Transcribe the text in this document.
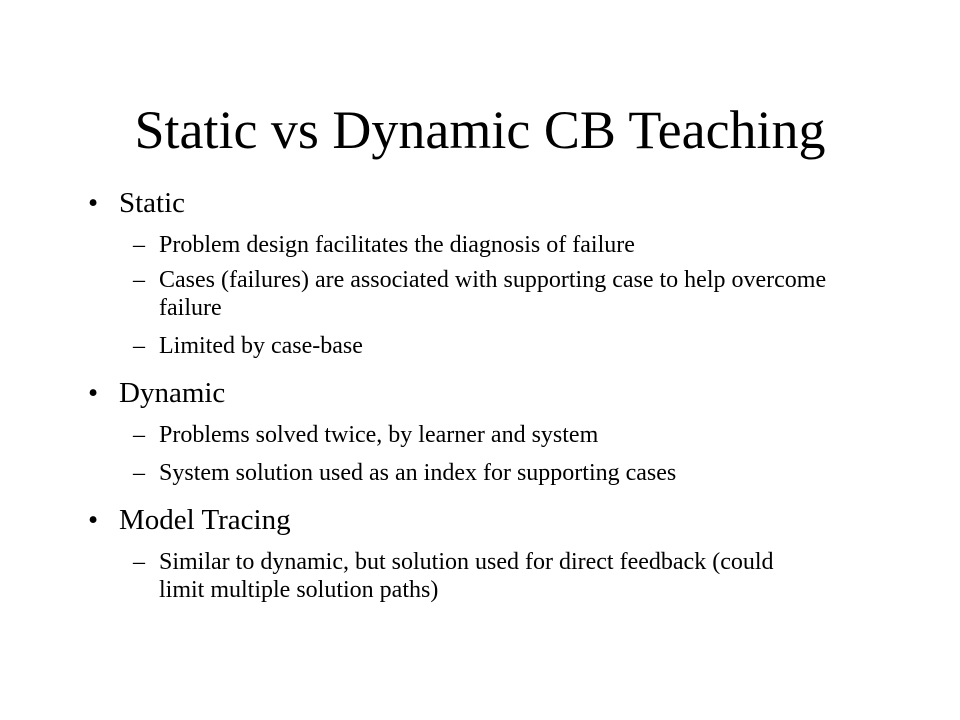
Static vs Dynamic CB Teaching
• Static
– Problem design facilitates the diagnosis of failure
– Cases (failures) are associated with supporting case to help overcome failure
– Limited by case-base
• Dynamic
– Problems solved twice, by learner and system
– System solution used as an index for supporting cases
• Model Tracing
– Similar to dynamic, but solution used for direct feedback (could limit multiple solution paths)
